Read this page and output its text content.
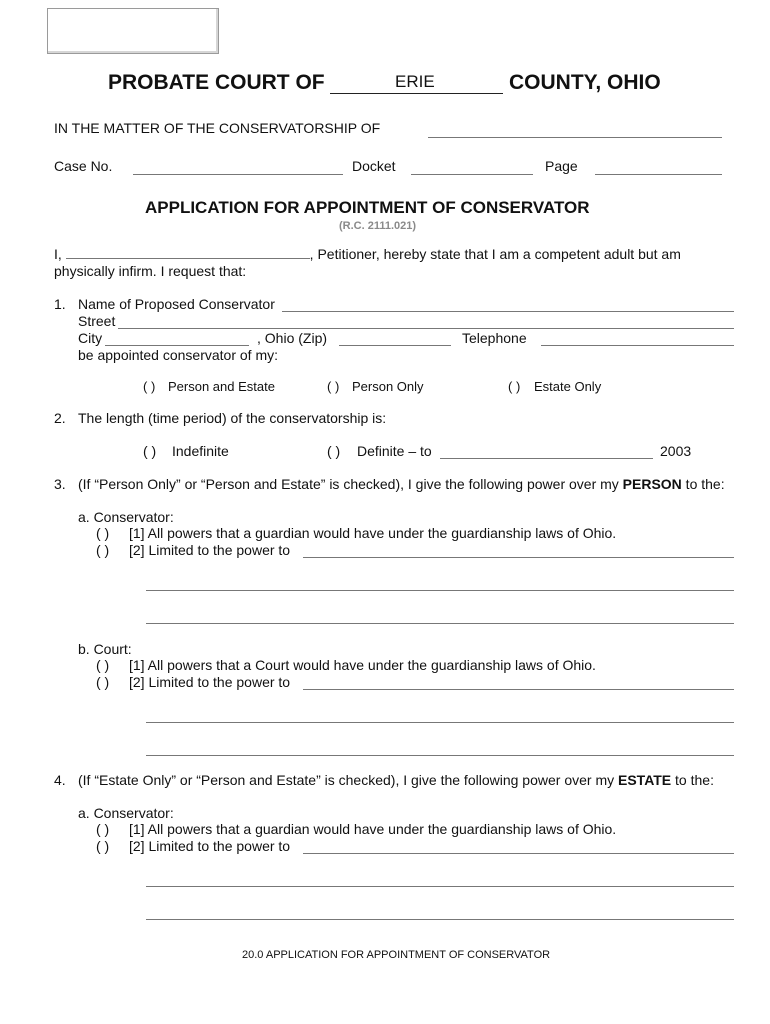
PROBATE COURT OF	ERIE	COUNTY, OHIO
IN THE MATTER OF THE CONSERVATORSHIP OF
Case No.	Docket	Page
APPLICATION FOR APPOINTMENT OF CONSERVATOR
(R.C. 2111.021)
I,	, Petitioner, hereby state that I am a competent adult but am
physically infirm. I request that:
1. Name of Proposed Conservator
Street
City	, Ohio (Zip)	Telephone
be appointed conservator of my:
( ) Person and Estate	( ) Person Only	( ) Estate Only
2. The length (time period) of the conservatorship is:
( ) Indefinite	( ) Definite – to	2003
3. (If “Person Only” or “Person and Estate” is checked), I give the following power over my PERSON to the:
a. Conservator:
( ) [1] All powers that a guardian would have under the guardianship laws of Ohio.
( ) [2] Limited to the power to
b. Court:
( ) [1] All powers that a Court would have under the guardianship laws of Ohio.
( ) [2] Limited to the power to
4. (If “Estate Only” or “Person and Estate” is checked), I give the following power over my ESTATE to the:
a. Conservator:
( ) [1] All powers that a guardian would have under the guardianship laws of Ohio.
( ) [2] Limited to the power to
20.0 APPLICATION FOR APPOINTMENT OF CONSERVATOR
